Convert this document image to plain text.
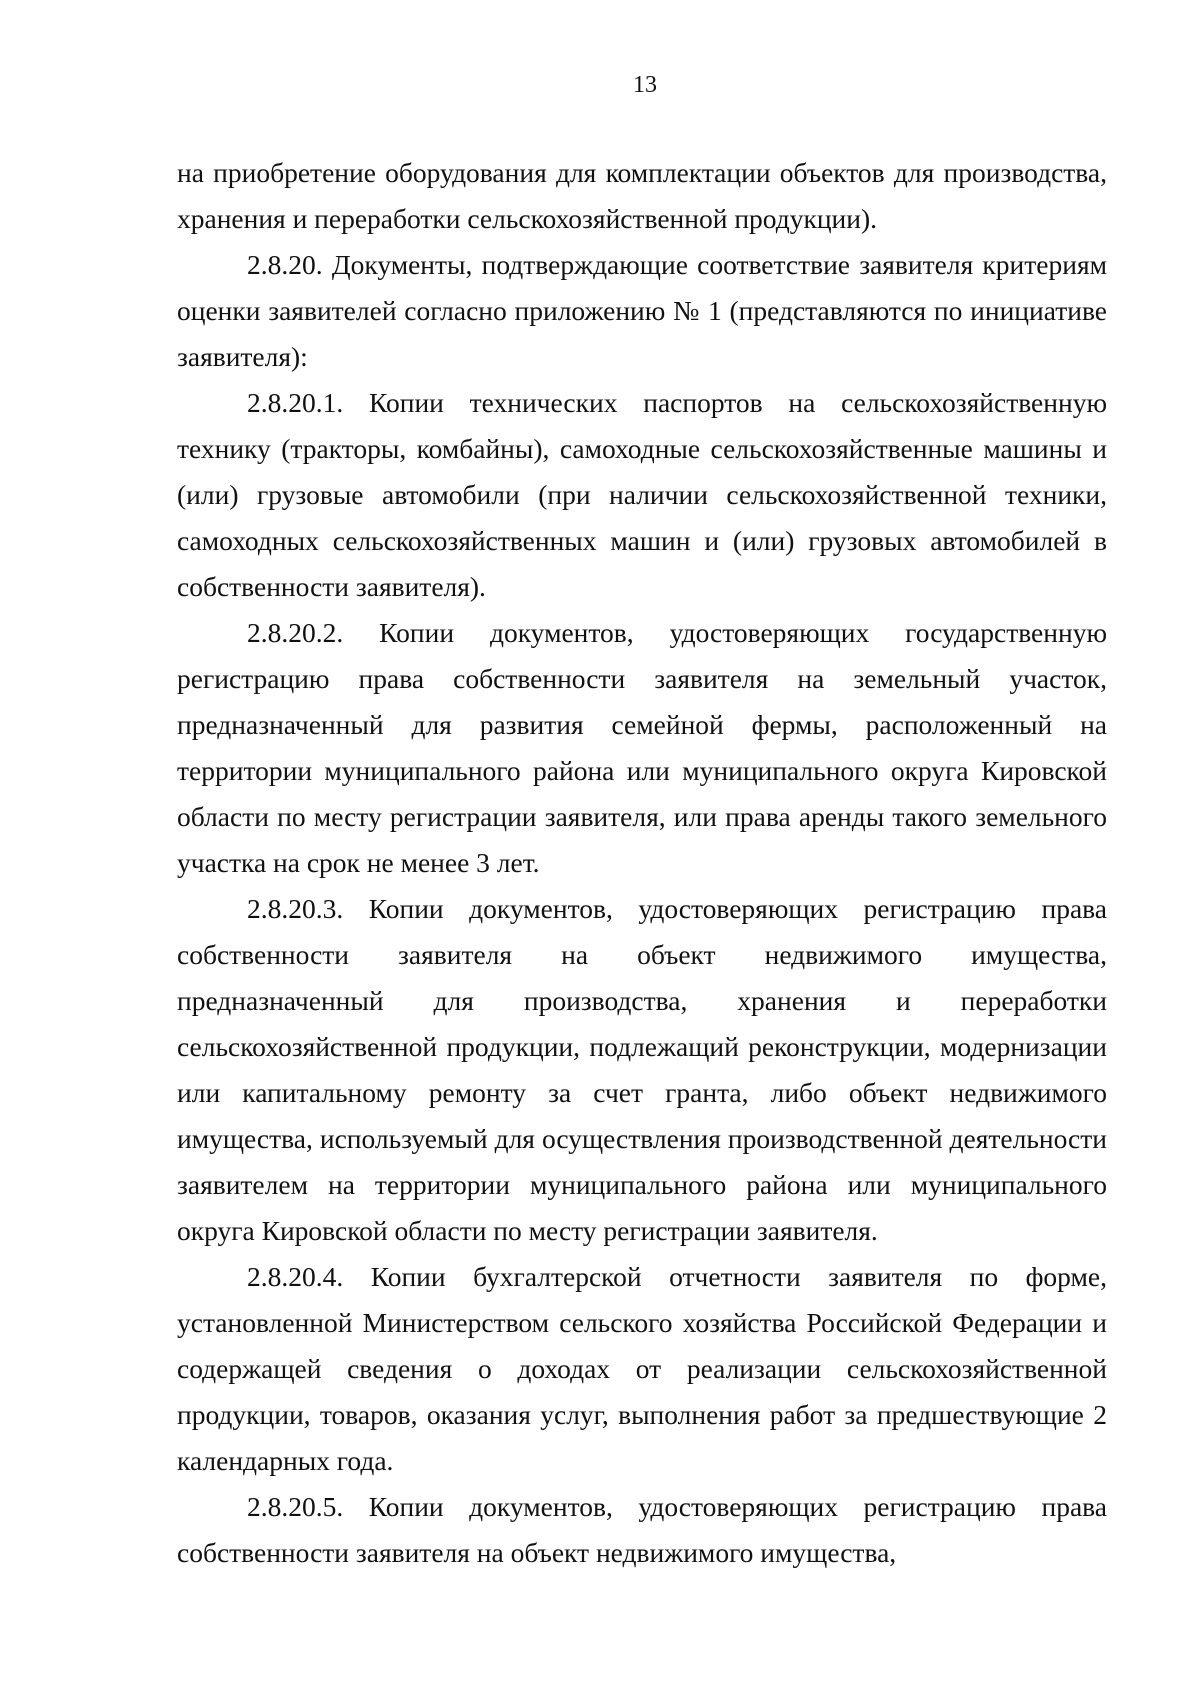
13

на приобретение оборудования для комплектации объектов для производства, хранения и переработки сельскохозяйственной продукции).

2.8.20. Документы, подтверждающие соответствие заявителя критериям оценки заявителей согласно приложению № 1 (представляются по инициативе заявителя):

2.8.20.1. Копии технических паспортов на сельскохозяйственную технику (тракторы, комбайны), самоходные сельскохозяйственные машины и (или) грузовые автомобили (при наличии сельскохозяйственной техники, самоходных сельскохозяйственных машин и (или) грузовых автомобилей в собственности заявителя).

2.8.20.2. Копии документов, удостоверяющих государственную регистрацию права собственности заявителя на земельный участок, предназначенный для развития семейной фермы, расположенный на территории муниципального района или муниципального округа Кировской области по месту регистрации заявителя, или права аренды такого земельного участка на срок не менее 3 лет.

2.8.20.3. Копии документов, удостоверяющих регистрацию права собственности заявителя на объект недвижимого имущества, предназначенный для производства, хранения и переработки сельскохозяйственной продукции, подлежащий реконструкции, модернизации или капитальному ремонту за счет гранта, либо объект недвижимого имущества, используемый для осуществления производственной деятельности заявителем на территории муниципального района или муниципального округа Кировской области по месту регистрации заявителя.

2.8.20.4. Копии бухгалтерской отчетности заявителя по форме, установленной Министерством сельского хозяйства Российской Федерации и содержащей сведения о доходах от реализации сельскохозяйственной продукции, товаров, оказания услуг, выполнения работ за предшествующие 2 календарных года.

2.8.20.5. Копии документов, удостоверяющих регистрацию права собственности заявителя на объект недвижимого имущества,
